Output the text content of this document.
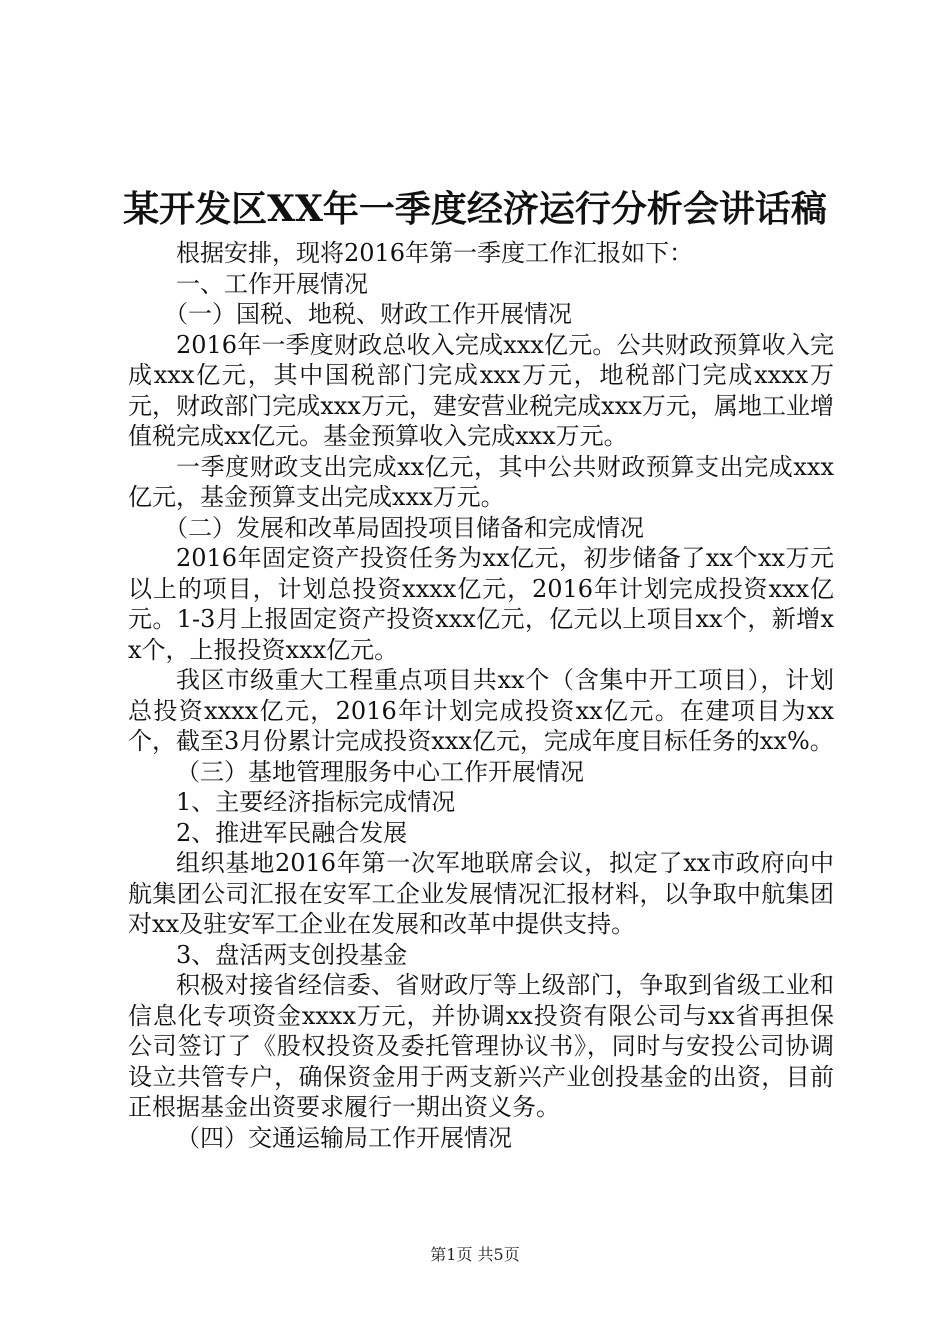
某开发区XX年一季度经济运行分析会讲话稿

根据安排，现将2016年第一季度工作汇报如下：

一、工作开展情况

（一）国税、地税、财政工作开展情况

2016年一季度财政总收入完成xxx亿元。公共财政预算收入完成xxx亿元，其中国税部门完成xxx万元，地税部门完成xxxx万元，财政部门完成xxx万元，建安营业税完成xxx万元，属地工业增值税完成xx亿元。基金预算收入完成xxx万元。

一季度财政支出完成xx亿元，其中公共财政预算支出完成xxx亿元，基金预算支出完成xxx万元。

（二）发展和改革局固投项目储备和完成情况

2016年固定资产投资任务为xx亿元，初步储备了xx个xx万元以上的项目，计划总投资xxxx亿元，2016年计划完成投资xxx亿元。1-3月上报固定资产投资xxx亿元，亿元以上项目xx个，新增xx个，上报投资xxx亿元。

我区市级重大工程重点项目共xx个（含集中开工项目），计划总投资xxxx亿元，2016年计划完成投资xx亿元。在建项目为xx个，截至3月份累计完成投资xxx亿元，完成年度目标任务的xx%。

（三）基地管理服务中心工作开展情况

1、主要经济指标完成情况

2、推进军民融合发展

组织基地2016年第一次军地联席会议，拟定了xx市政府向中航集团公司汇报在安军工企业发展情况汇报材料，以争取中航集团对xx及驻安军工企业在发展和改革中提供支持。

3、盘活两支创投基金

积极对接省经信委、省财政厅等上级部门，争取到省级工业和信息化专项资金xxxx万元，并协调xx投资有限公司与xx省再担保公司签订了《股权投资及委托管理协议书》，同时与安投公司协调设立共管专户，确保资金用于两支新兴产业创投基金的出资，目前正根据基金出资要求履行一期出资义务。

（四）交通运输局工作开展情况

第1页 共5页
